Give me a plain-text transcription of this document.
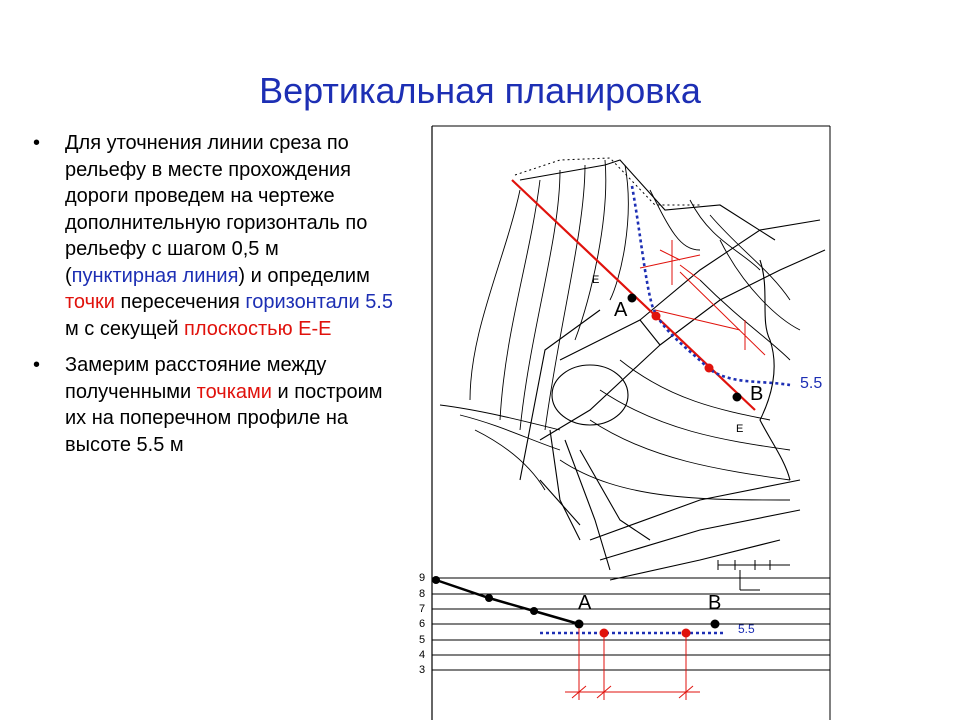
Вертикальная планировка
• Для уточнения линии среза по рельефу в месте прохождения дороги проведем на чертеже дополнительную горизонталь по рельефу с шагом 0,5 м (пунктирная линия) и определим точки пересечения горизонтали 5.5 м с секущей плоскостью Е-Е
• Замерим расстояние между полученными точками и построим их на поперечном профиле на высоте 5.5 м
A
B 5.5
E
E
9
8
7
6
5
4
3
A	B
5.5
